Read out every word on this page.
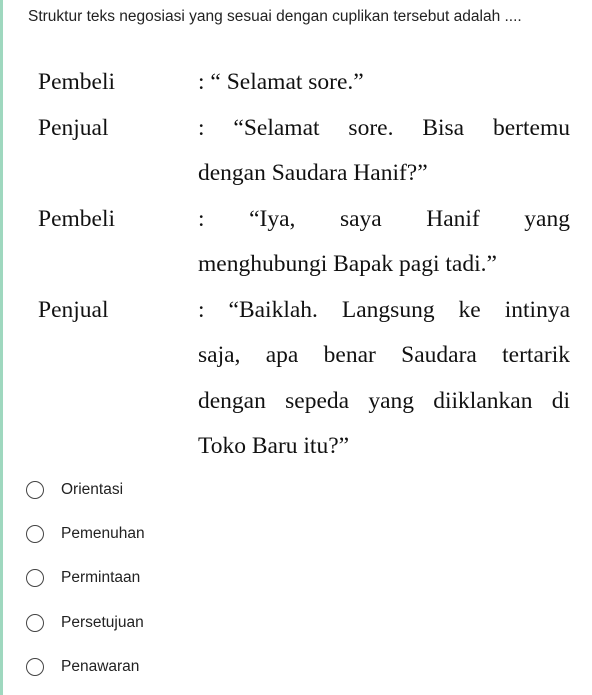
Struktur teks negosiasi yang sesuai dengan cuplikan tersebut adalah ....
Pembeli	: “ Selamat sore.”
Penjual	: “Selamat sore. Bisa bertemu
dengan Saudara Hanif?”
Pembeli	: “Iya, saya Hanif yang
menghubungi Bapak pagi tadi.”
Penjual	: “Baiklah. Langsung ke intinya
saja, apa benar Saudara tertarik
dengan sepeda yang diiklankan di
Toko Baru itu?”
Orientasi
Pemenuhan
Permintaan
Persetujuan
Penawaran
